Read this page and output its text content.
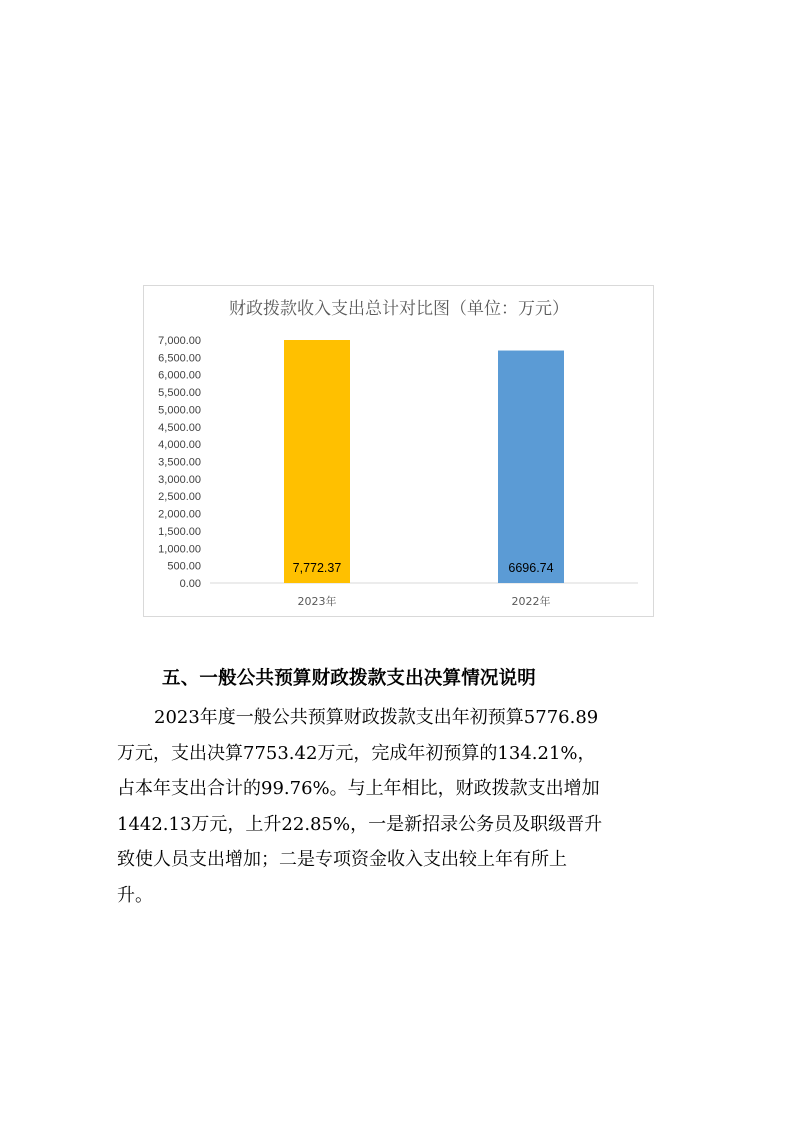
财政拨款收入支出总计对比图（单位：万元）
0.00
500.00
1,000.00
1,500.00
2,000.00
2,500.00
3,000.00
3,500.00
4,000.00
4,500.00
5,000.00
5,500.00
6,000.00
6,500.00
7,000.00
7,772.37	6696.74
2023年	2022年
五、一般公共预算财政拨款支出决算情况说明

2023年度一般公共预算财政拨款支出年初预算5776.89

万元，支出决算7753.42万元，完成年初预算的134.21%，

占本年支出合计的99.76%。与上年相比，财政拨款支出增加

1442.13万元，上升22.85%，一是新招录公务员及职级晋升

致使人员支出增加；二是专项资金收入支出较上年有所上

升。
